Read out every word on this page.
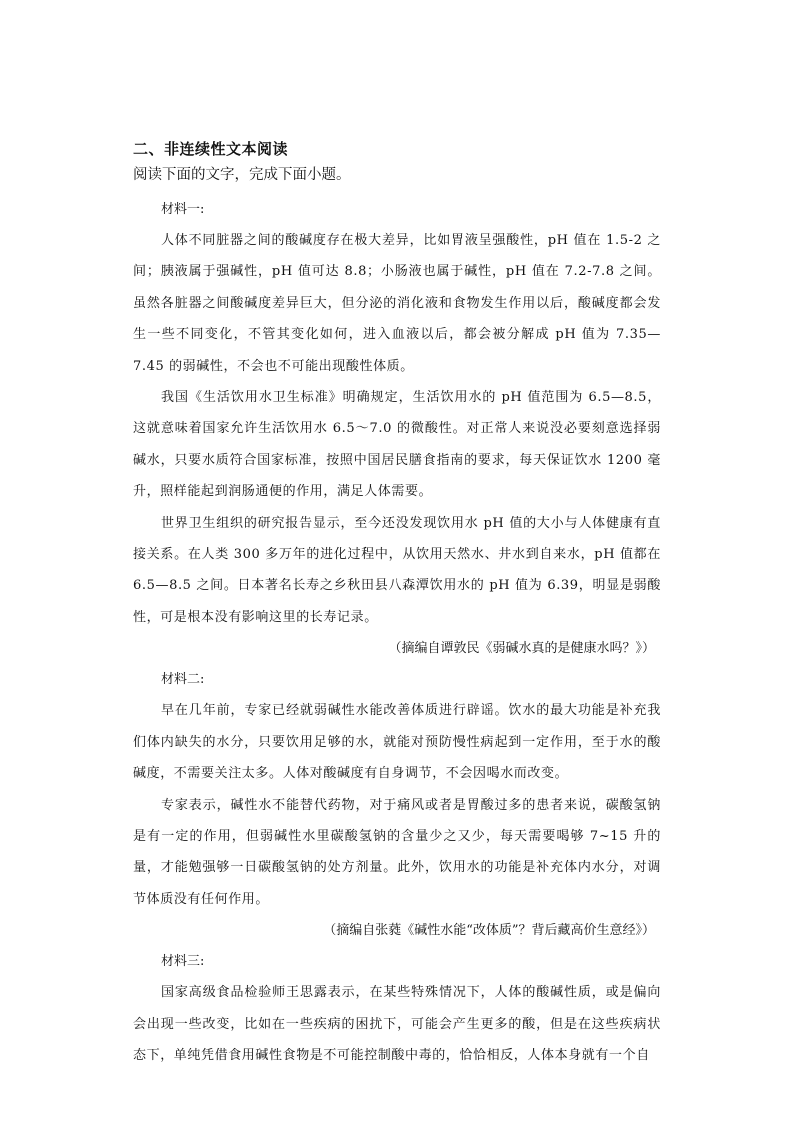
二、非连续性文本阅读
阅读下面的文字，完成下面小题。

材料一:

人体不同脏器之间的酸碱度存在极大差异，比如胃液呈强酸性，pH 值在 1.5-2 之间；胰液属于强碱性，pH 值可达 8.8；小肠液也属于碱性，pH 值在 7.2-7.8 之间。虽然各脏器之间酸碱度差异巨大，但分泌的消化液和食物发生作用以后，酸碱度都会发生一些不同变化，不管其变化如何，进入血液以后，都会被分解成 pH 值为 7.35—7.45 的弱碱性，不会也不可能出现酸性体质。

我国《生活饮用水卫生标准》明确规定，生活饮用水的 pH 值范围为 6.5—8.5，这就意味着国家允许生活饮用水 6.5～7.0 的微酸性。对正常人来说没必要刻意选择弱碱水，只要水质符合国家标准，按照中国居民膳食指南的要求，每天保证饮水 1200 毫升，照样能起到润肠通便的作用，满足人体需要。

世界卫生组织的研究报告显示，至今还没发现饮用水 pH 值的大小与人体健康有直接关系。在人类 300 多万年的进化过程中，从饮用天然水、井水到自来水，pH 值都在 6.5—8.5 之间。日本著名长寿之乡秋田县八森潭饮用水的 pH 值为 6.39，明显是弱酸性，可是根本没有影响这里的长寿记录。

（摘编自谭敦民《弱碱水真的是健康水吗？》）

材料二:

早在几年前，专家已经就弱碱性水能改善体质进行辟谣。饮水的最大功能是补充我们体内缺失的水分，只要饮用足够的水，就能对预防慢性病起到一定作用，至于水的酸碱度，不需要关注太多。人体对酸碱度有自身调节，不会因喝水而改变。

专家表示，碱性水不能替代药物，对于痛风或者是胃酸过多的患者来说，碳酸氢钠是有一定的作用，但弱碱性水里碳酸氢钠的含量少之又少，每天需要喝够 7~15 升的量，才能勉强够一日碳酸氢钠的处方剂量。此外，饮用水的功能是补充体内水分，对调节体质没有任何作用。

（摘编自张蕤《碱性水能“改体质”？背后藏高价生意经》）

材料三:

国家高级食品检验师王思露表示，在某些特殊情况下，人体的酸碱性质，或是偏向会出现一些改变，比如在一些疾病的困扰下，可能会产生更多的酸，但是在这些疾病状态下，单纯凭借食用碱性食物是不可能控制酸中毒的，恰恰相反，人体本身就有一个自
